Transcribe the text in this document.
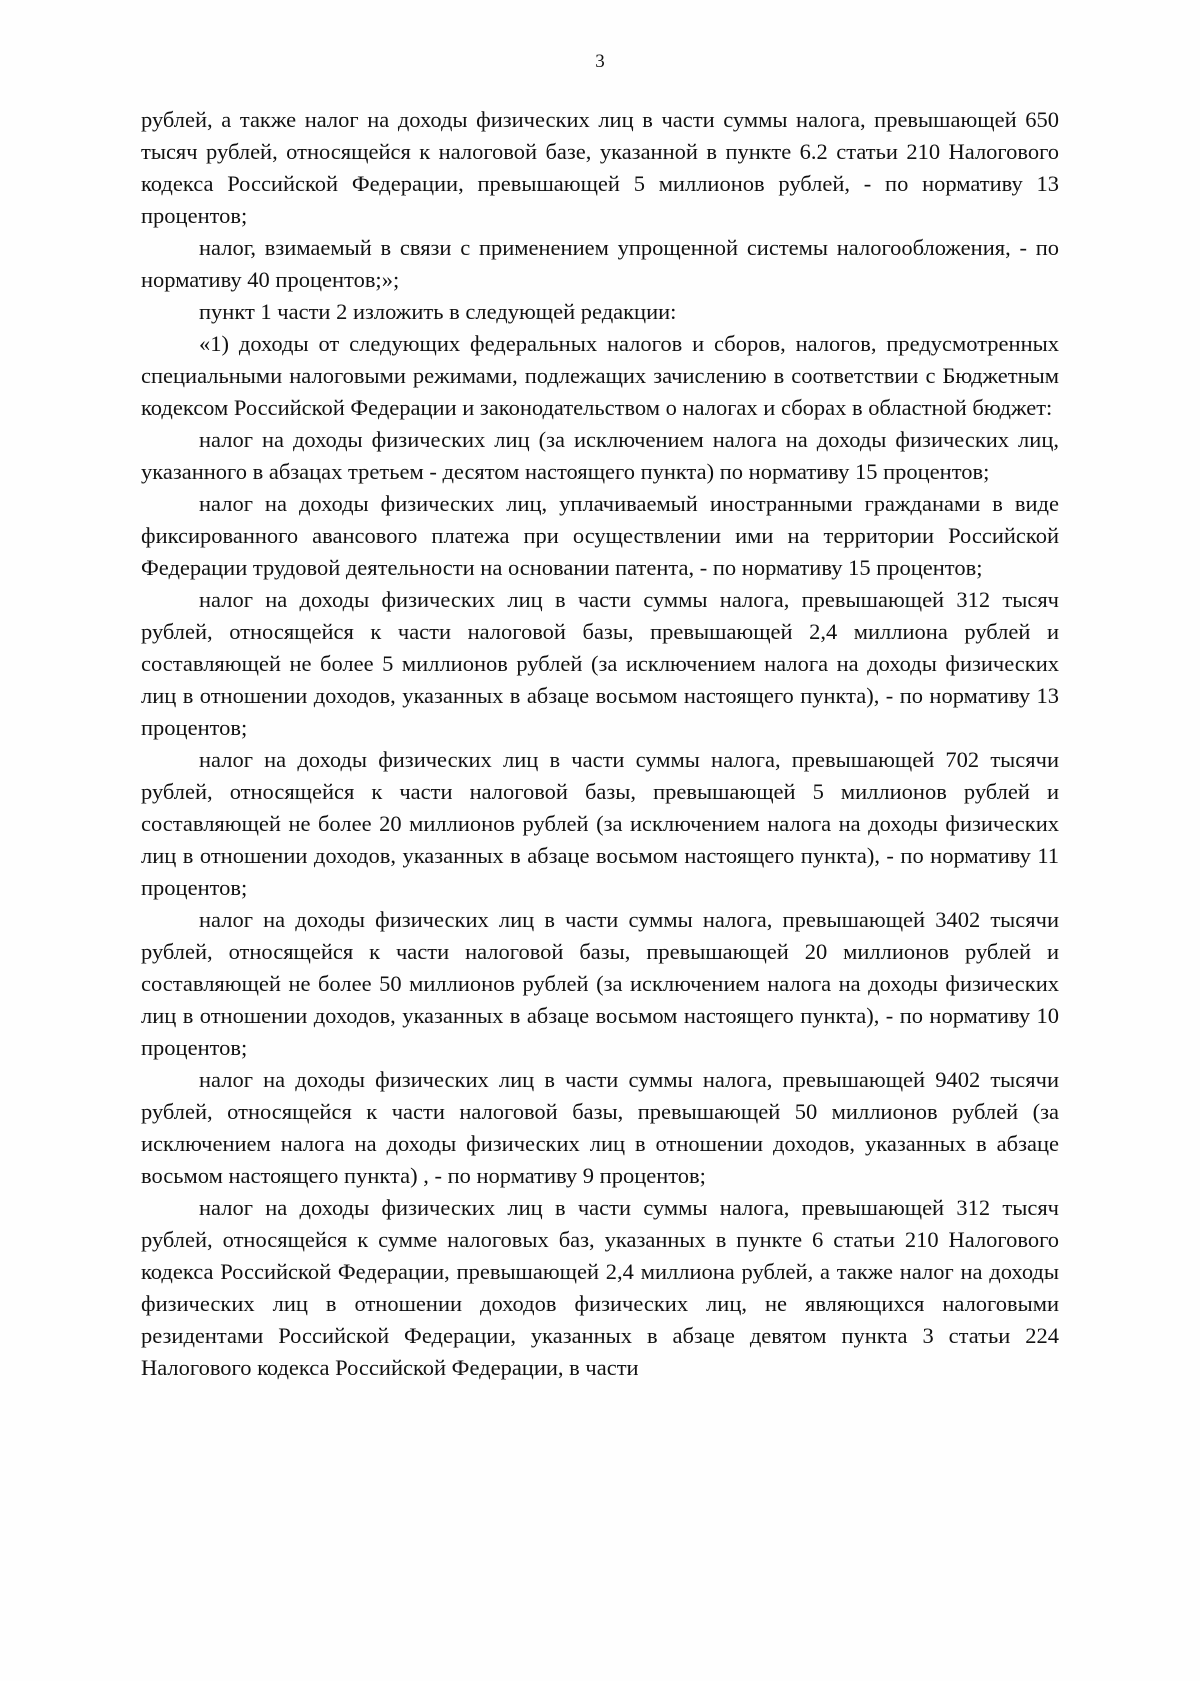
3

рублей, а также налог на доходы физических лиц в части суммы налога, превышающей 650 тысяч рублей, относящейся к налоговой базе, указанной в пункте 6.2 статьи 210 Налогового кодекса Российской Федерации, превышающей 5 миллионов рублей, - по нормативу 13 процентов;

налог, взимаемый в связи с применением упрощенной системы налогообложения, - по нормативу 40 процентов;»;

пункт 1 части 2 изложить в следующей редакции:

«1) доходы от следующих федеральных налогов и сборов, налогов, предусмотренных специальными налоговыми режимами, подлежащих зачислению в соответствии с Бюджетным кодексом Российской Федерации и законодательством о налогах и сборах в областной бюджет:

налог на доходы физических лиц (за исключением налога на доходы физических лиц, указанного в абзацах третьем - десятом настоящего пункта) по нормативу 15 процентов;

налог на доходы физических лиц, уплачиваемый иностранными гражданами в виде фиксированного авансового платежа при осуществлении ими на территории Российской Федерации трудовой деятельности на основании патента, - по нормативу 15 процентов;

налог на доходы физических лиц в части суммы налога, превышающей 312 тысяч рублей, относящейся к части налоговой базы, превышающей 2,4 миллиона рублей и составляющей не более 5 миллионов рублей (за исключением налога на доходы физических лиц в отношении доходов, указанных в абзаце восьмом настоящего пункта), - по нормативу 13 процентов;

налог на доходы физических лиц в части суммы налога, превышающей 702 тысячи рублей, относящейся к части налоговой базы, превышающей 5 миллионов рублей и составляющей не более 20 миллионов рублей (за исключением налога на доходы физических лиц в отношении доходов, указанных в абзаце восьмом настоящего пункта), - по нормативу 11 процентов;

налог на доходы физических лиц в части суммы налога, превышающей 3402 тысячи рублей, относящейся к части налоговой базы, превышающей 20 миллионов рублей и составляющей не более 50 миллионов рублей (за исключением налога на доходы физических лиц в отношении доходов, указанных в абзаце восьмом настоящего пункта), - по нормативу 10 процентов;

налог на доходы физических лиц в части суммы налога, превышающей 9402 тысячи рублей, относящейся к части налоговой базы, превышающей 50 миллионов рублей (за исключением налога на доходы физических лиц в отношении доходов, указанных в абзаце восьмом настоящего пункта) , - по нормативу 9 процентов;

налог на доходы физических лиц в части суммы налога, превышающей 312 тысяч рублей, относящейся к сумме налоговых баз, указанных в пункте 6 статьи 210 Налогового кодекса Российской Федерации, превышающей 2,4 миллиона рублей, а также налог на доходы физических лиц в отношении доходов физических лиц, не являющихся налоговыми резидентами Российской Федерации, указанных в абзаце девятом пункта 3 статьи 224 Налогового кодекса Российской Федерации, в части
